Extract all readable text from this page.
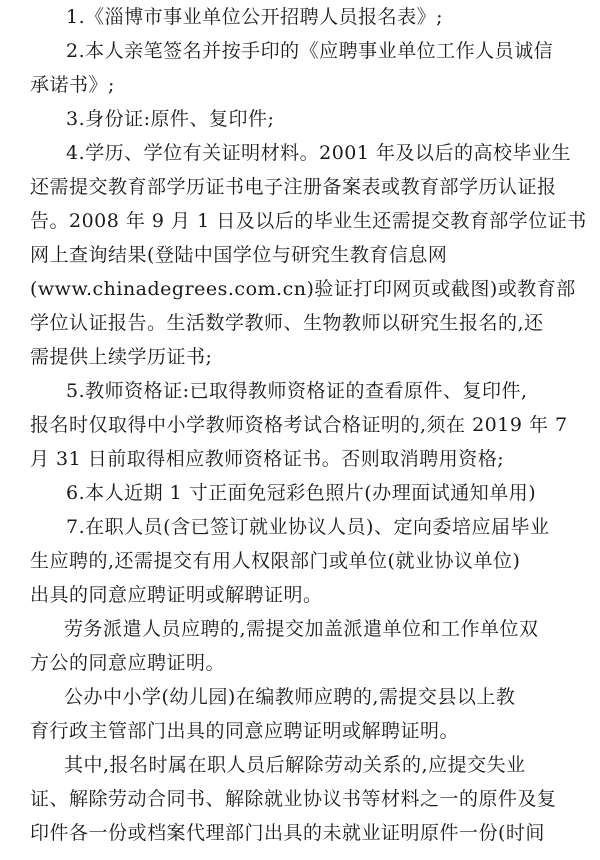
1.《淄博市事业单位公开招聘人员报名表》;
2.本人亲笔签名并按手印的《应聘事业单位工作人员诚信
承诺书》;
3.身份证:原件、复印件;
4.学历、学位有关证明材料。2001 年及以后的高校毕业生
还需提交教育部学历证书电子注册备案表或教育部学历认证报
告。2008 年 9 月 1 日及以后的毕业生还需提交教育部学位证书
网上查询结果(登陆中国学位与研究生教育信息网
(www.chinadegrees.com.cn)验证打印网页或截图)或教育部
学位认证报告。生活数学教师、生物教师以研究生报名的,还
需提供上续学历证书;
5.教师资格证:已取得教师资格证的查看原件、复印件,
报名时仅取得中小学教师资格考试合格证明的,须在 2019 年 7
月 31 日前取得相应教师资格证书。否则取消聘用资格;
6.本人近期 1 寸正面免冠彩色照片(办理面试通知单用)
7.在职人员(含已签订就业协议人员)、定向委培应届毕业
生应聘的,还需提交有用人权限部门或单位(就业协议单位)
出具的同意应聘证明或解聘证明。
劳务派遣人员应聘的,需提交加盖派遣单位和工作单位双
方公的同意应聘证明。
公办中小学(幼儿园)在编教师应聘的,需提交县以上教
育行政主管部门出具的同意应聘证明或解聘证明。
其中,报名时属在职人员后解除劳动关系的,应提交失业
证、解除劳动合同书、解除就业协议书等材料之一的原件及复
印件各一份或档案代理部门出具的未就业证明原件一份(时间
